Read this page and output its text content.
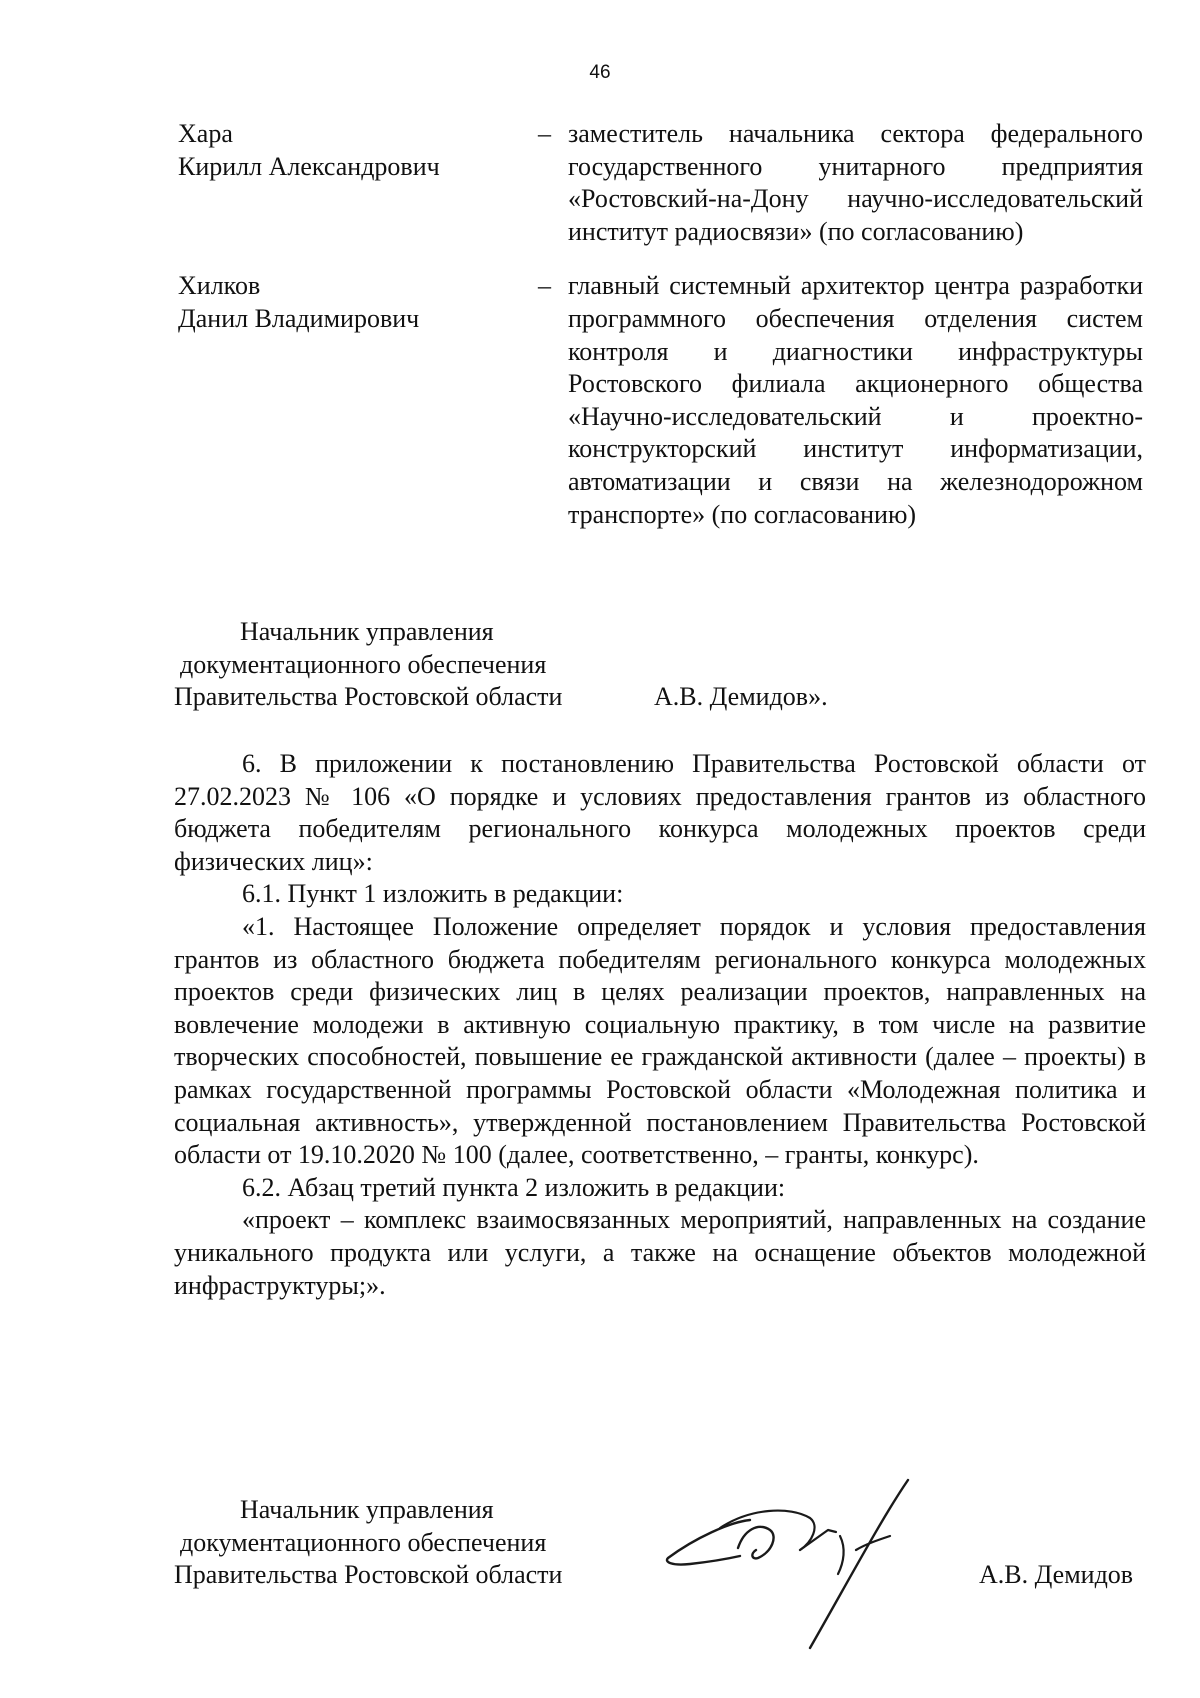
46
Хара
Кирилл Александрович
– заместитель начальника сектора федерального государственного унитарного предприятия «Ростовский-на-Дону научно-исследовательский институт радиосвязи» (по согласованию)
Хилков
Данил Владимирович
– главный системный архитектор центра разработки программного обеспечения отделения систем контроля и диагностики инфраструктуры Ростовского филиала акционерного общества «Научно-исследовательский и проектно-конструкторский институт информатизации, автоматизации и связи на железнодорожном транспорте» (по согласованию)
Начальник управления
документационного обеспечения
Правительства Ростовской области	А.В. Демидов».

6. В приложении к постановлению Правительства Ростовской области от 27.02.2023 № 106 «О порядке и условиях предоставления грантов из областного бюджета победителям регионального конкурса молодежных проектов среди физических лиц»:

6.1. Пункт 1 изложить в редакции:

«1. Настоящее Положение определяет порядок и условия предоставления грантов из областного бюджета победителям регионального конкурса молодежных проектов среди физических лиц в целях реализации проектов, направленных на вовлечение молодежи в активную социальную практику, в том числе на развитие творческих способностей, повышение ее гражданской активности (далее – проекты) в рамках государственной программы Ростовской области «Молодежная политика и социальная активность», утвержденной постановлением Правительства Ростовской области от 19.10.2020 № 100 (далее, соответственно, – гранты, конкурс).

6.2. Абзац третий пункта 2 изложить в редакции:

«проект – комплекс взаимосвязанных мероприятий, направленных на создание уникального продукта или услуги, а также на оснащение объектов молодежной инфраструктуры;».

Начальник управления
документационного обеспечения
Правительства Ростовской области	А.В. Демидов
